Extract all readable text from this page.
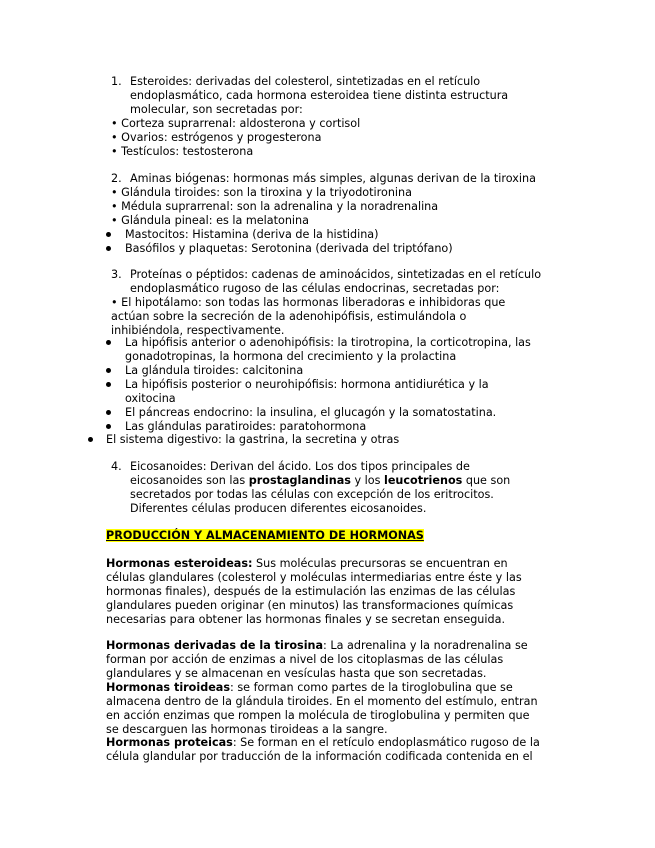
1. Esteroides: derivadas del colesterol, sintetizadas en el retículo
endoplasmático, cada hormona esteroidea tiene distinta estructura
molecular, son secretadas por:
• Corteza suprarrenal: aldosterona y cortisol
• Ovarios: estrógenos y progesterona
• Testículos: testosterona
2. Aminas biógenas: hormonas más simples, algunas derivan de la tiroxina
• Glándula tiroides: son la tiroxina y la triyodotironina
• Médula suprarrenal: son la adrenalina y la noradrenalina
• Glándula pineal: es la melatonina
Mastocitos: Histamina (deriva de la histidina)
Basófilos y plaquetas: Serotonina (derivada del triptófano)
3. Proteínas o péptidos: cadenas de aminoácidos, sintetizadas en el retículo
endoplasmático rugoso de las células endocrinas, secretadas por:
• El hipotálamo: son todas las hormonas liberadoras e inhibidoras que
actúan sobre la secreción de la adenohipófisis, estimulándola o
inhibiéndola, respectivamente.
La hipófisis anterior o adenohipófisis: la tirotropina, la corticotropina, las
gonadotropinas, la hormona del crecimiento y la prolactina
La glándula tiroides: calcitonina
La hipófisis posterior o neurohipófisis: hormona antidiurética y la
oxitocina
El páncreas endocrino: la insulina, el glucagón y la somatostatina.
Las glándulas paratiroides: paratohormona
El sistema digestivo: la gastrina, la secretina y otras
4. Eicosanoides: Derivan del ácido. Los dos tipos principales de
eicosanoides son las prostaglandinas y los leucotrienos que son
secretados por todas las células con excepción de los eritrocitos.
Diferentes células producen diferentes eicosanoides.
PRODUCCIÓN Y ALMACENAMIENTO DE HORMONAS
Hormonas esteroideas: Sus moléculas precursoras se encuentran en
células glandulares (colesterol y moléculas intermediarias entre éste y las
hormonas finales), después de la estimulación las enzimas de las células
glandulares pueden originar (en minutos) las transformaciones químicas
necesarias para obtener las hormonas finales y se secretan enseguida.
Hormonas derivadas de la tirosina: La adrenalina y la noradrenalina se
forman por acción de enzimas a nivel de los citoplasmas de las células
glandulares y se almacenan en vesículas hasta que son secretadas.
Hormonas tiroideas: se forman como partes de la tiroglobulina que se
almacena dentro de la glándula tiroides. En el momento del estímulo, entran
en acción enzimas que rompen la molécula de tiroglobulina y permiten que
se descarguen las hormonas tiroideas a la sangre.
Hormonas proteicas: Se forman en el retículo endoplasmático rugoso de la
célula glandular por traducción de la información codificada contenida en el
